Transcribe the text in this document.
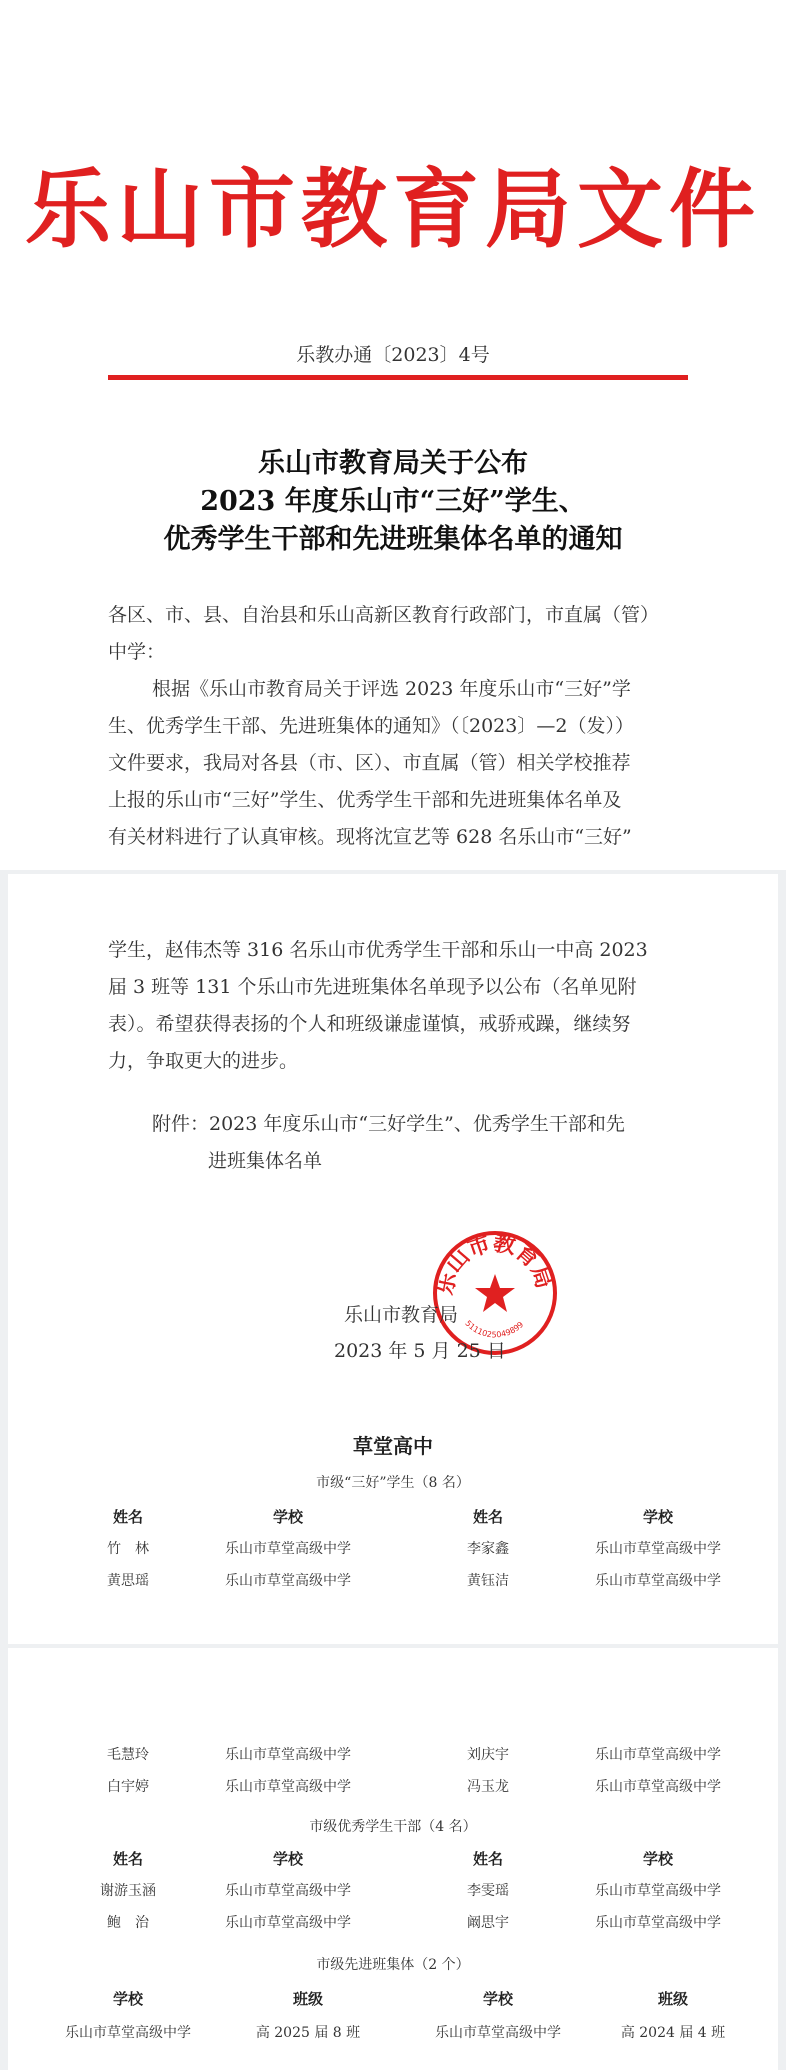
乐山市教育局文件
乐教办通〔2023〕4号
乐山市教育局关于公布
2023 年度乐山市“三好”学生、
优秀学生干部和先进班集体名单的通知
各区、市、县、自治县和乐山高新区教育行政部门，市直属（管）
中学：
根据《乐山市教育局关于评选 2023 年度乐山市“三好”学
生、优秀学生干部、先进班集体的通知》（〔2023〕—2（发））
文件要求，我局对各县（市、区）、市直属（管）相关学校推荐
上报的乐山市“三好”学生、优秀学生干部和先进班集体名单及
有关材料进行了认真审核。现将沈宣艺等 628 名乐山市“三好”
学生，赵伟杰等 316 名乐山市优秀学生干部和乐山一中高 2023
届 3 班等 131 个乐山市先进班集体名单现予以公布（名单见附
表）。希望获得表扬的个人和班级谦虚谨慎，戒骄戒躁，继续努
力，争取更大的进步。
附件：2023 年度乐山市“三好学生”、优秀学生干部和先
进班集体名单
乐山市教育局
5111025049899
乐山市教育局
2023 年 5 月 25 日
草堂高中
市级“三好”学生（8 名）
姓名	学校	姓名	学校
竹　林	乐山市草堂高级中学	李家鑫	乐山市草堂高级中学
黄思瑶	乐山市草堂高级中学	黄钰洁	乐山市草堂高级中学
毛慧玲	乐山市草堂高级中学	刘庆宇	乐山市草堂高级中学
白宇婷	乐山市草堂高级中学	冯玉龙	乐山市草堂高级中学
市级优秀学生干部（4 名）
姓名	学校	姓名	学校
谢游玉涵	乐山市草堂高级中学	李雯瑶	乐山市草堂高级中学
鲍　治	乐山市草堂高级中学	阚思宇	乐山市草堂高级中学
市级先进班集体（2 个）
学校	班级	学校	班级
乐山市草堂高级中学	高 2025 届 8 班	乐山市草堂高级中学	高 2024 届 4 班
